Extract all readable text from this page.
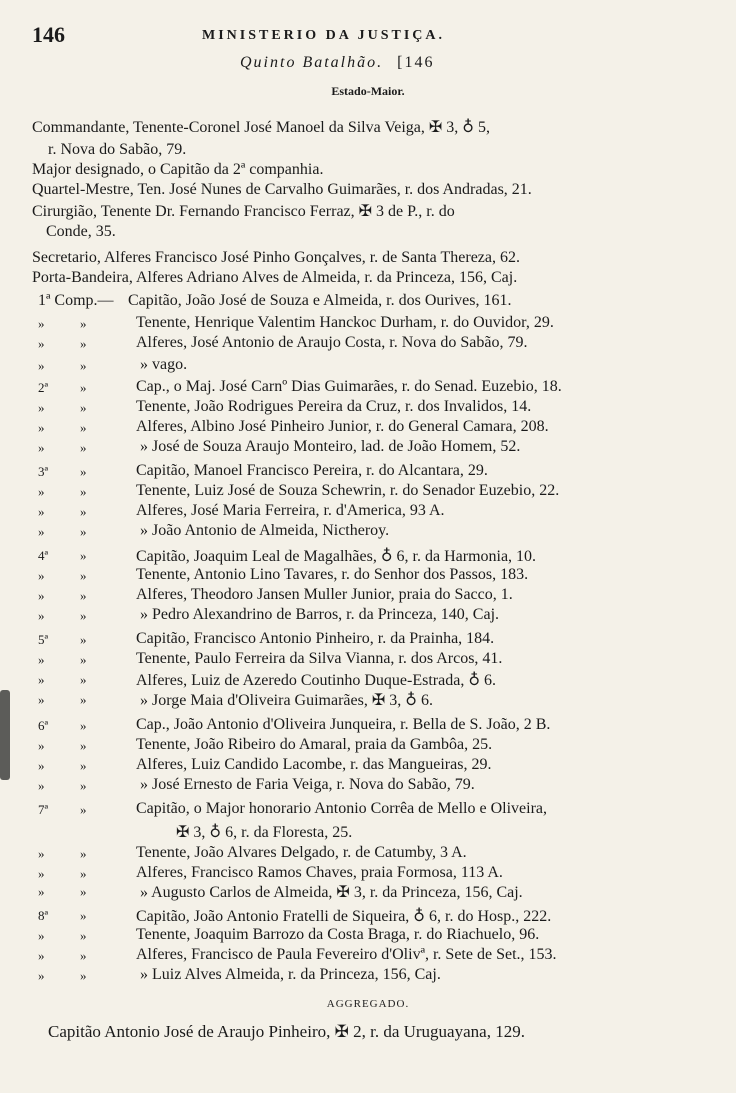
146	MINISTERIO DA JUSTIÇA.
Quinto Batalhão. [146
Estado-Maior.
Commandante, Tenente-Coronel José Manoel da Silva Veiga, ✠ 3, ♁ 5,
r. Nova do Sabão, 79.
Major designado, o Capitão da 2ª companhia.
Quartel-Mestre, Ten. José Nunes de Carvalho Guimarães, r. dos Andradas, 21.
Cirurgião, Tenente Dr. Fernando Francisco Ferraz, ✠ 3 de P., r. do
Conde, 35.
Secretario, Alferes Francisco José Pinho Gonçalves, r. de Santa Thereza, 62.
Porta-Bandeira, Alferes Adriano Alves de Almeida, r. da Princeza, 156, Caj.
1ª Comp.— Capitão, João José de Souza e Almeida, r. dos Ourives, 161.
»	»	Tenente, Henrique Valentim Hanckoc Durham, r. do Ouvidor, 29.
»	»	Alferes, José Antonio de Araujo Costa, r. Nova do Sabão, 79.
»	»	» vago.
2ª »	Cap., o Maj. José Carnº Dias Guimarães, r. do Senad. Euzebio, 18.
»	»	Tenente, João Rodrigues Pereira da Cruz, r. dos Invalidos, 14.
»	»	Alferes, Albino José Pinheiro Junior, r. do General Camara, 208.
»	»	» José de Souza Araujo Monteiro, lad. de João Homem, 52.
3ª »	Capitão, Manoel Francisco Pereira, r. do Alcantara, 29.
»	»	Tenente, Luiz José de Souza Schewrin, r. do Senador Euzebio, 22.
»	»	Alferes, José Maria Ferreira, r. d'America, 93 A.
»	»	» João Antonio de Almeida, Nictheroy.
4ª »	Capitão, Joaquim Leal de Magalhães, ♁ 6, r. da Harmonia, 10.
»	»	Tenente, Antonio Lino Tavares, r. do Senhor dos Passos, 183.
»	»	Alferes, Theodoro Jansen Muller Junior, praia do Sacco, 1.
»	»	» Pedro Alexandrino de Barros, r. da Princeza, 140, Caj.
5ª »	Capitão, Francisco Antonio Pinheiro, r. da Prainha, 184.
»	»	Tenente, Paulo Ferreira da Silva Vianna, r. dos Arcos, 41.
»	»	Alferes, Luiz de Azeredo Coutinho Duque-Estrada, ♁ 6.
»	»	» Jorge Maia d'Oliveira Guimarães, ✠ 3, ♁ 6.
6ª »	Cap., João Antonio d'Oliveira Junqueira, r. Bella de S. João, 2 B.
»	»	Tenente, João Ribeiro do Amaral, praia da Gambôa, 25.
»	»	Alferes, Luiz Candido Lacombe, r. das Mangueiras, 29.
»	»	» José Ernesto de Faria Veiga, r. Nova do Sabão, 79.
7ª »	Capitão, o Major honorario Antonio Corrêa de Mello e Oliveira,
✠ 3, ♁ 6, r. da Floresta, 25.
»	»	Tenente, João Alvares Delgado, r. de Catumby, 3 A.
»	»	Alferes, Francisco Ramos Chaves, praia Formosa, 113 A.
»	»	» Augusto Carlos de Almeida, ✠ 3, r. da Princeza, 156, Caj.
8ª »	Capitão, João Antonio Fratelli de Siqueira, ♁ 6, r. do Hosp., 222.
»	»	Tenente, Joaquim Barrozo da Costa Braga, r. do Riachuelo, 96.
»	»	Alferes, Francisco de Paula Fevereiro d'Olivª, r. Sete de Set., 153.
»	»	» Luiz Alves Almeida, r. da Princeza, 156, Caj.
AGGREGADO.
Capitão Antonio José de Araujo Pinheiro, ✠ 2, r. da Uruguayana, 129.
